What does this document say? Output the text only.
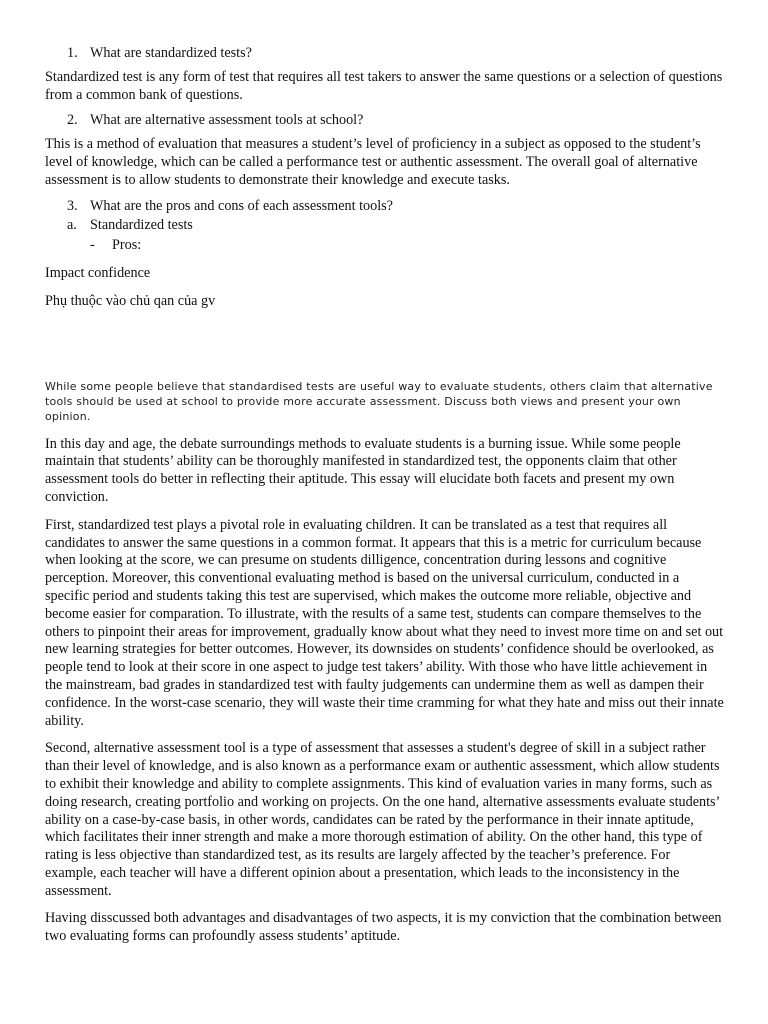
1. What are standardized tests?

Standardized test is any form of test that requires all test takers to answer the same questions or a selection of questions from a common bank of questions.

2. What are alternative assessment tools at school?

This is a method of evaluation that measures a student’s level of proficiency in a subject as opposed to the student’s level of knowledge, which can be called a performance test or authentic assessment. The overall goal of alternative assessment is to allow students to demonstrate their knowledge and execute tasks.

3. What are the pros and cons of each assessment tools?
a. Standardized tests
- Pros:

Impact confidence

Phụ thuộc vào chủ qan của gv

While some people believe that standardised tests are useful way to evaluate students, others claim that alternative tools should be used at school to provide more accurate assessment. Discuss both views and present your own opinion.

In this day and age, the debate surroundings methods to evaluate students is a burning issue. While some people maintain that students’ ability can be thoroughly manifested in standardized test, the opponents claim that other assessment tools do better in reflecting their aptitude. This essay will elucidate both facets and present my own conviction.

First, standardized test plays a pivotal role in evaluating children. It can be translated as a test that requires all candidates to answer the same questions in a common format. It appears that this is a metric for curriculum because when looking at the score, we can presume on students dilligence, concentration during lessons and cognitive perception. Moreover, this conventional evaluating method is based on the universal curriculum, conducted in a specific period and students taking this test are supervised, which makes the outcome more reliable, objective and become easier for comparation. To illustrate, with the results of a same test, students can compare themselves to the others to pinpoint their areas for improvement, gradually know about what they need to invest more time on and set out new learning strategies for better outcomes. However, its downsides on students’ confidence should be overlooked, as people tend to look at their score in one aspect to judge test takers’ ability. With those who have little achievement in the mainstream, bad grades in standardized test with faulty judgements can undermine them as well as dampen their confidence. In the worst-case scenario, they will waste their time cramming for what they hate and miss out their innate ability.

Second, alternative assessment tool is a type of assessment that assesses a student's degree of skill in a subject rather than their level of knowledge, and is also known as a performance exam or authentic assessment, which allow students to exhibit their knowledge and ability to complete assignments. This kind of evaluation varies in many forms, such as doing research, creating portfolio and working on projects. On the one hand, alternative assessments evaluate students’ ability on a case-by-case basis, in other words, candidates can be rated by the performance in their innate aptitude, which facilitates their inner strength and make a more thorough estimation of ability. On the other hand, this type of rating is less objective than standardized test, as its results are largely affected by the teacher’s preference. For example, each teacher will have a different opinion about a presentation, which leads to the inconsistency in the assessment.

Having disscussed both advantages and disadvantages of two aspects, it is my conviction that the combination between two evaluating forms can profoundly assess students’ aptitude.
